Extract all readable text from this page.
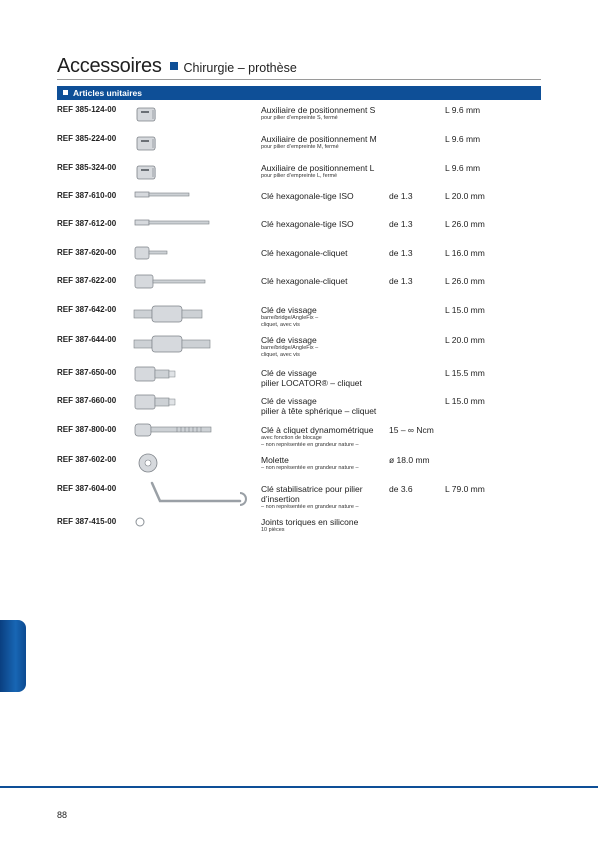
Accessoires Chirurgie – prothèse
Articles unitaires
REF 385-124-00	Auxiliaire de positionnement S
pour pilier d’empreinte S, fermé
L 9.6 mm
REF 385-224-00	Auxiliaire de positionnement M
pour pilier d’empreinte M, fermé
L 9.6 mm
REF 385-324-00	Auxiliaire de positionnement L
pour pilier d’empreinte L, fermé
L 9.6 mm
REF 387-610-00	Clé hexagonale-tige ISO	de 1.3	L 20.0 mm
REF 387-612-00	Clé hexagonale-tige ISO	de 1.3	L 26.0 mm
REF 387-620-00	Clé hexagonale-cliquet	de 1.3	L 16.0 mm
REF 387-622-00	Clé hexagonale-cliquet	de 1.3	L 26.0 mm
REF 387-642-00	Clé de vissage
barre/bridge/AngleFix –
cliquet, avec vis
L 15.0 mm
REF 387-644-00	Clé de vissage
barre/bridge/AngleFix –
cliquet, avec vis
L 20.0 mm
REF 387-650-00	Clé de vissage
pilier LOCATOR® – cliquet
L 15.5 mm
REF 387-660-00	Clé de vissage
pilier à tête sphérique – cliquet
L 15.0 mm
REF 387-800-00	Clé à cliquet dynamométrique
avec fonction de blocage
– non représentée en grandeur nature –
15 – ∞ Ncm
REF 387-602-00	Molette
– non représentée en grandeur nature –
ø 18.0 mm
REF 387-604-00	Clé stabilisatrice pour pilier
d’insertion
– non représentée en grandeur nature –
de 3.6	L 79.0 mm
REF 387-415-00	Joints toriques en silicone
10 pièces
88
